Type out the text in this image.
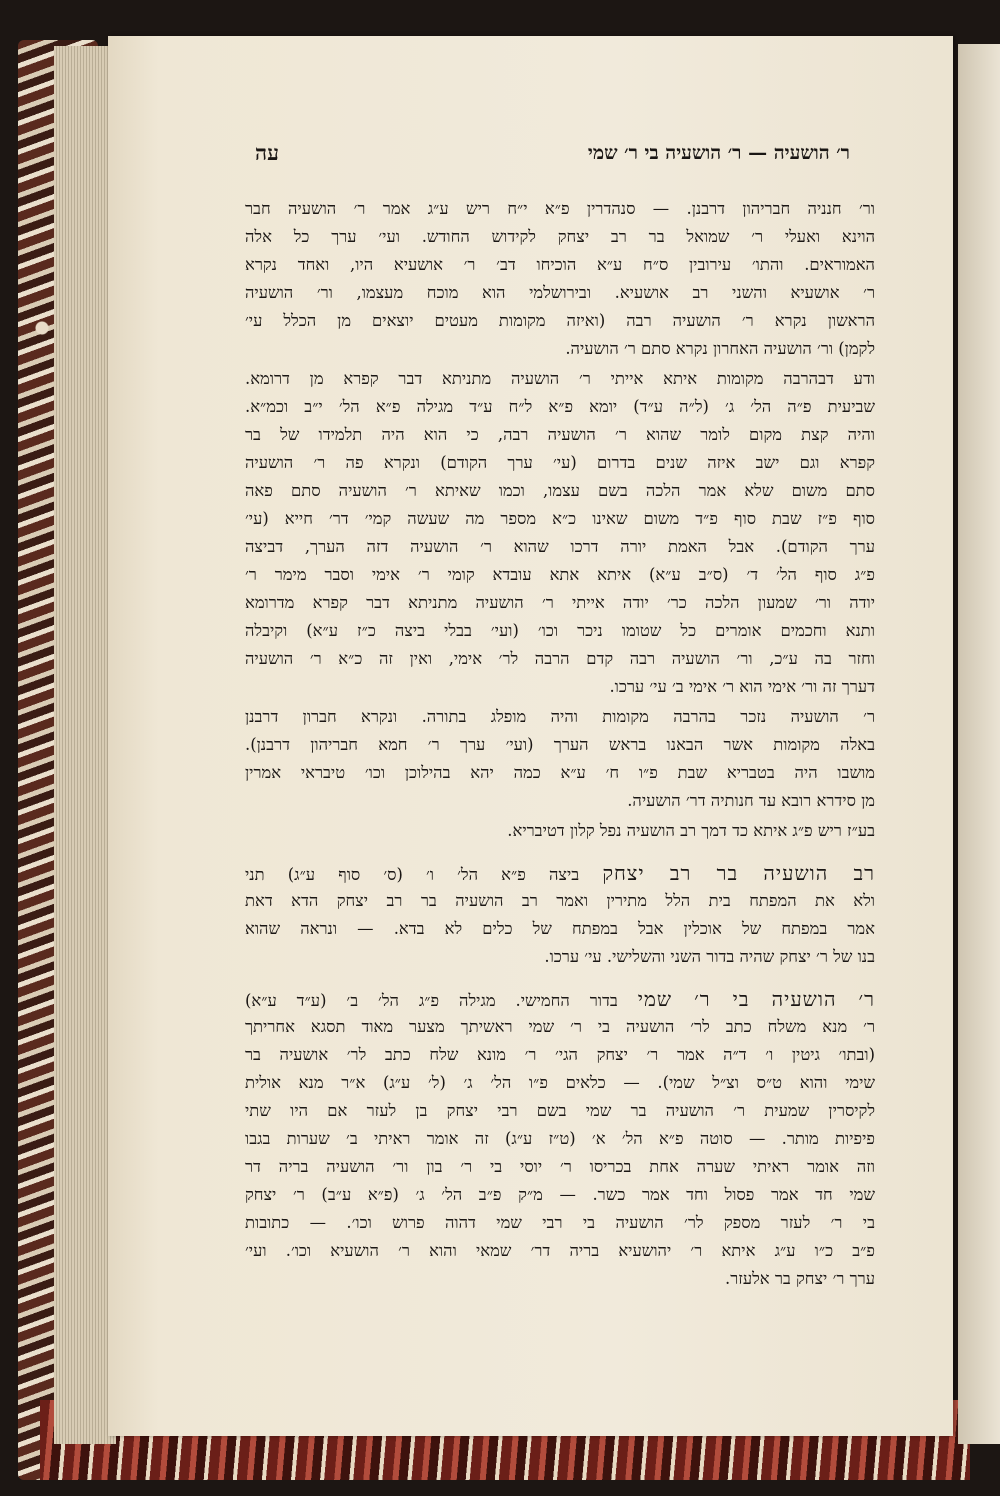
ר׳ הושעיה — ר׳ הושעיה בי ר׳ שמי
עה
ור׳ חנניה חבריהון דרבנן. — סנהדרין פ״א י״ח ריש ע״ג אמר ר׳ הושעיה חבר
הוינא ואעלי ר׳ שמואל בר רב יצחק לקידוש החודש. ועי׳ ערך כל אלה
האמוראים. והתו׳ עירובין ס״ח ע״א הוכיחו דב׳ ר׳ אושעיא היו, ואחד נקרא
ר׳ אושעיא והשני רב אושעיא. ובירושלמי הוא מוכח מעצמו, ור׳ הושעיה
הראשון נקרא ר׳ הושעיה רבה (ואיזה מקומות מעטים יוצאים מן הכלל עי׳
לקמן) ור׳ הושעיה האחרון נקרא סתם ר׳ הושעיה.
ודע דבהרבה מקומות איתא אייתי ר׳ הושעיה מתניתא דבר קפרא מן דרומא.
שביעית פ״ה הל׳ ג׳ (ל״ה ע״ד) יומא פ״א ל״ח ע״ד מגילה פ״א הל׳ י״ב וכמ״א.
והיה קצת מקום לומר שהוא ר׳ הושעיה רבה, כי הוא היה תלמידו של בר
קפרא וגם ישב איזה שנים בדרום (עי׳ ערך הקודם) ונקרא פה ר׳ הושעיה
סתם משום שלא אמר הלכה בשם עצמו, וכמו שאיתא ר׳ הושעיה סתם פאה
סוף פ״ז שבת סוף פ״ד משום שאינו כ״א מספר מה שעשה קמי׳ דר׳ חייא (עי׳
ערך הקודם). אבל האמת יורה דרכו שהוא ר׳ הושעיה דזה הערך, דביצה
פ״ג סוף הל׳ ד׳ (ס״ב ע״א) איתא אתא עובדא קומי ר׳ אימי וסבר מימר ר׳
יודה ור׳ שמעון הלכה כר׳ יודה אייתי ר׳ הושעיה מתניתא דבר קפרא מדרומא
ותנא וחכמים אומרים כל שטומו ניכר וכו׳ (ועי׳ בבלי ביצה כ״ז ע״א) וקיבלה
וחזר בה ע״כ, ור׳ הושעיה רבה קדם הרבה לר׳ אימי, ואין זה כ״א ר׳ הושעיה
דערך זה ור׳ אימי הוא ר׳ אימי ב׳ עי׳ ערכו.
ר׳ הושעיה נזכר בהרבה מקומות והיה מופלג בתורה. ונקרא חברון דרבנן
באלה מקומות אשר הבאנו בראש הערך (ועי׳ ערך ר׳ חמא חבריהון דרבנן).
מושבו היה בטבריא שבת פ״ו ח׳ ע״א כמה יהא בהילוכן וכו׳ טיבראי אמרין
מן סידרא רובא עד חנותיה דר׳ הושעיה.
בע״ז ריש פ״ג איתא כד דמך רב הושעיה נפל קלון דטיבריא.
רב הושעיה בר רב יצחק ביצה פ״א הל׳ ו׳ (ס׳ סוף ע״ג) תני
ולא את המפתח בית הלל מתירין ואמר רב הושעיה בר רב יצחק הדא דאת
אמר במפתח של אוכלין אבל במפתח של כלים לא בדא. — ונראה שהוא
בנו של ר׳ יצחק שהיה בדור השני והשלישי. עי׳ ערכו.
ר׳ הושעיה בי ר׳ שמי בדור החמישי. מגילה פ״ג הל׳ ב׳ (ע״ד ע״א)
ר׳ מנא משלח כתב לר׳ הושעיה בי ר׳ שמי ראשיתך מצער מאוד תסגא אחריתך
(ובתו׳ גיטין ו׳ ד״ה אמר ר׳ יצחק הגי׳ ר׳ מונא שלח כתב לר׳ אושעיה בר
שימי והוא ט״ס וצ״ל שמי). — כלאים פ״ו הל׳ ג׳ (ל׳ ע״ג) א״ר מנא אולית
לקיסרין שמעית ר׳ הושעיה בר שמי בשם רבי יצחק בן לעזר אם היו שתי
פיפיות מותר. — סוטה פ״א הל׳ א׳ (ט״ז ע״ג) זה אומר ראיתי ב׳ שערות בגבו
וזה אומר ראיתי שערה אחת בכריסו ר׳ יוסי בי ר׳ בון ור׳ הושעיה בריה דר
שמי חד אמר פסול וחד אמר כשר. — מ״ק פ״ב הל׳ ג׳ (פ״א ע״ב) ר׳ יצחק
בי ר׳ לעזר מספק לר׳ הושעיה בי רבי שמי דהוה פרוש וכו׳. — כתובות
פ״ב כ״ו ע״ג איתא ר׳ יהושעיא בריה דר׳ שמאי והוא ר׳ הושעיא וכו׳. ועי׳
ערך ר׳ יצחק בר אלעזר.
